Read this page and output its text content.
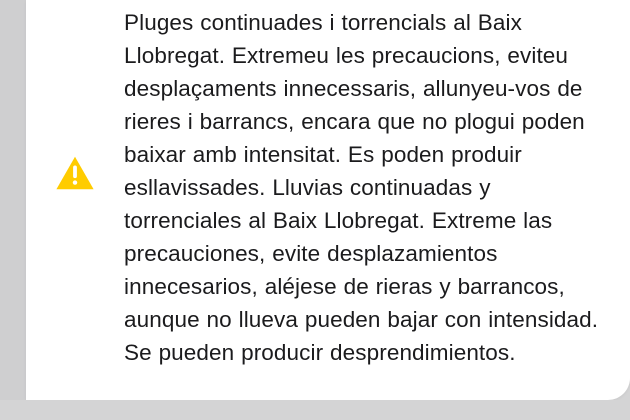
Pluges continuades i torrencials al Baix Llobregat. Extremeu les precaucions, eviteu desplaçaments innecessaris, allunyeu-vos de rieres i barrancs, encara que no plogui poden baixar amb intensitat. Es poden produir esllavissades. Lluvias continuadas y torrenciales al Baix Llobregat. Extreme las precauciones, evite desplazamientos innecesarios, aléjese de rieras y barrancos, aunque no llueva pueden bajar con intensidad. Se pueden producir desprendimientos.
